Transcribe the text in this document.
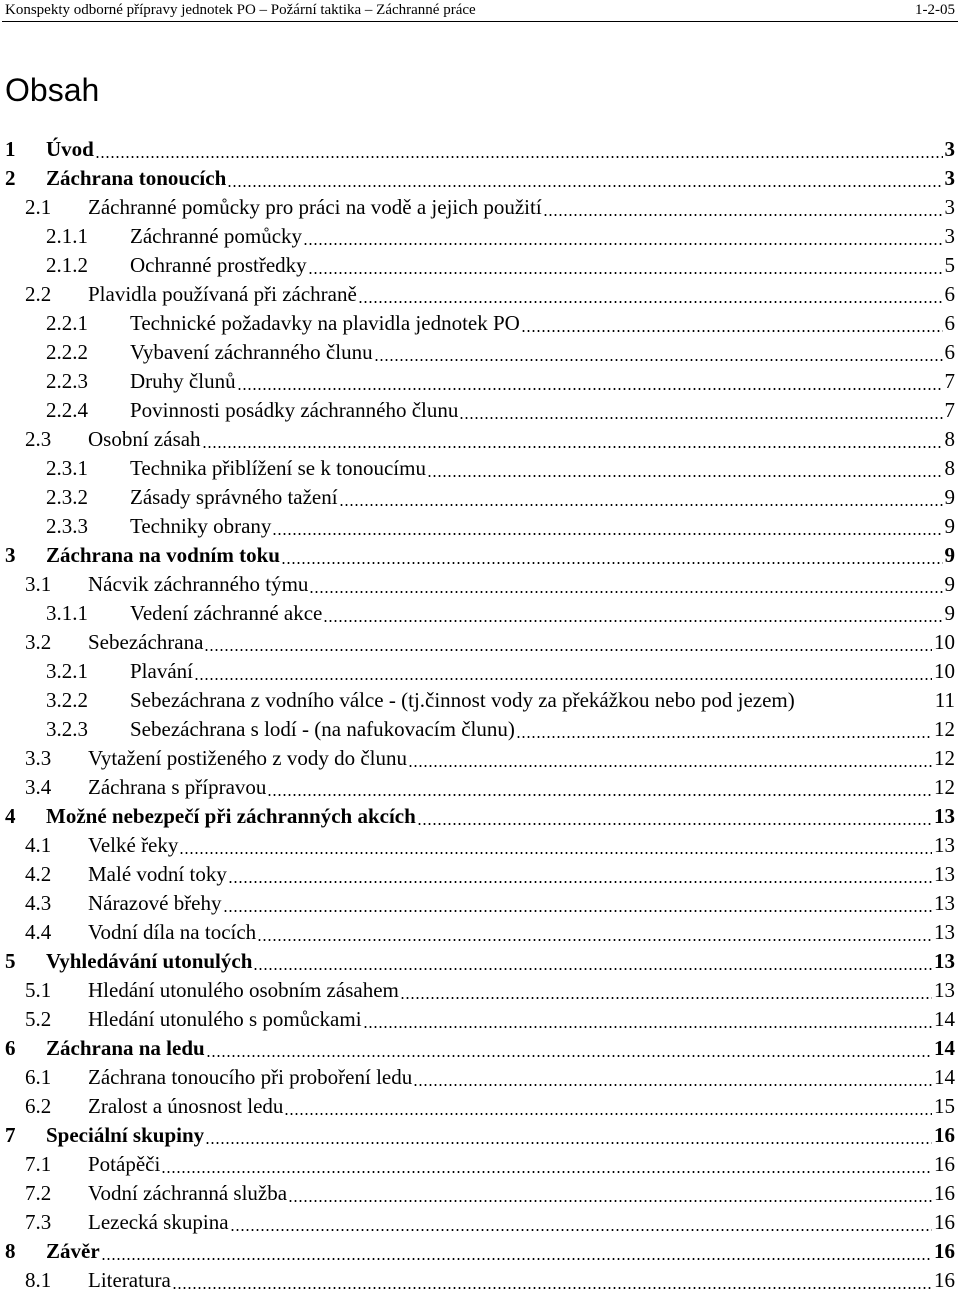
Konspekty odborné přípravy jednotek PO – Požární taktika – Záchranné práce	1-2-05
Obsah
1 Úvod	3
2 Záchrana tonoucích	3
2.1 Záchranné pomůcky pro práci na vodě a jejich použití	3
2.1.1 Záchranné pomůcky	3
2.1.2 Ochranné prostředky	5
2.2 Plavidla používaná při záchraně	6
2.2.1 Technické požadavky na plavidla jednotek PO	6
2.2.2 Vybavení záchranného člunu	6
2.2.3 Druhy člunů	7
2.2.4 Povinnosti posádky záchranného člunu	7
2.3 Osobní zásah	8
2.3.1 Technika přiblížení se k tonoucímu	8
2.3.2 Zásady správného tažení	9
2.3.3 Techniky obrany	9
3 Záchrana na vodním toku	9
3.1 Nácvik záchranného týmu	9
3.1.1 Vedení záchranné akce	9
3.2 Sebezáchrana	10
3.2.1 Plavání	10
3.2.2 Sebezáchrana z vodního válce - (tj.činnost vody za překážkou nebo pod jezem)	11
3.2.3 Sebezáchrana s lodí - (na nafukovacím člunu)	12
3.3 Vytažení postiženého z vody do člunu	12
3.4 Záchrana s přípravou	12
4 Možné nebezpečí při záchranných akcích	13
4.1 Velké řeky	13
4.2 Malé vodní toky	13
4.3 Nárazové břehy	13
4.4 Vodní díla na tocích	13
5 Vyhledávání utonulých	13
5.1 Hledání utonulého osobním zásahem	13
5.2 Hledání utonulého s pomůckami	14
6 Záchrana na ledu	14
6.1 Záchrana tonoucího při proboření ledu	14
6.2 Zralost a únosnost ledu	15
7 Speciální skupiny	16
7.1 Potápěči	16
7.2 Vodní záchranná služba	16
7.3 Lezecká skupina	16
8 Závěr	16
8.1 Literatura	16
